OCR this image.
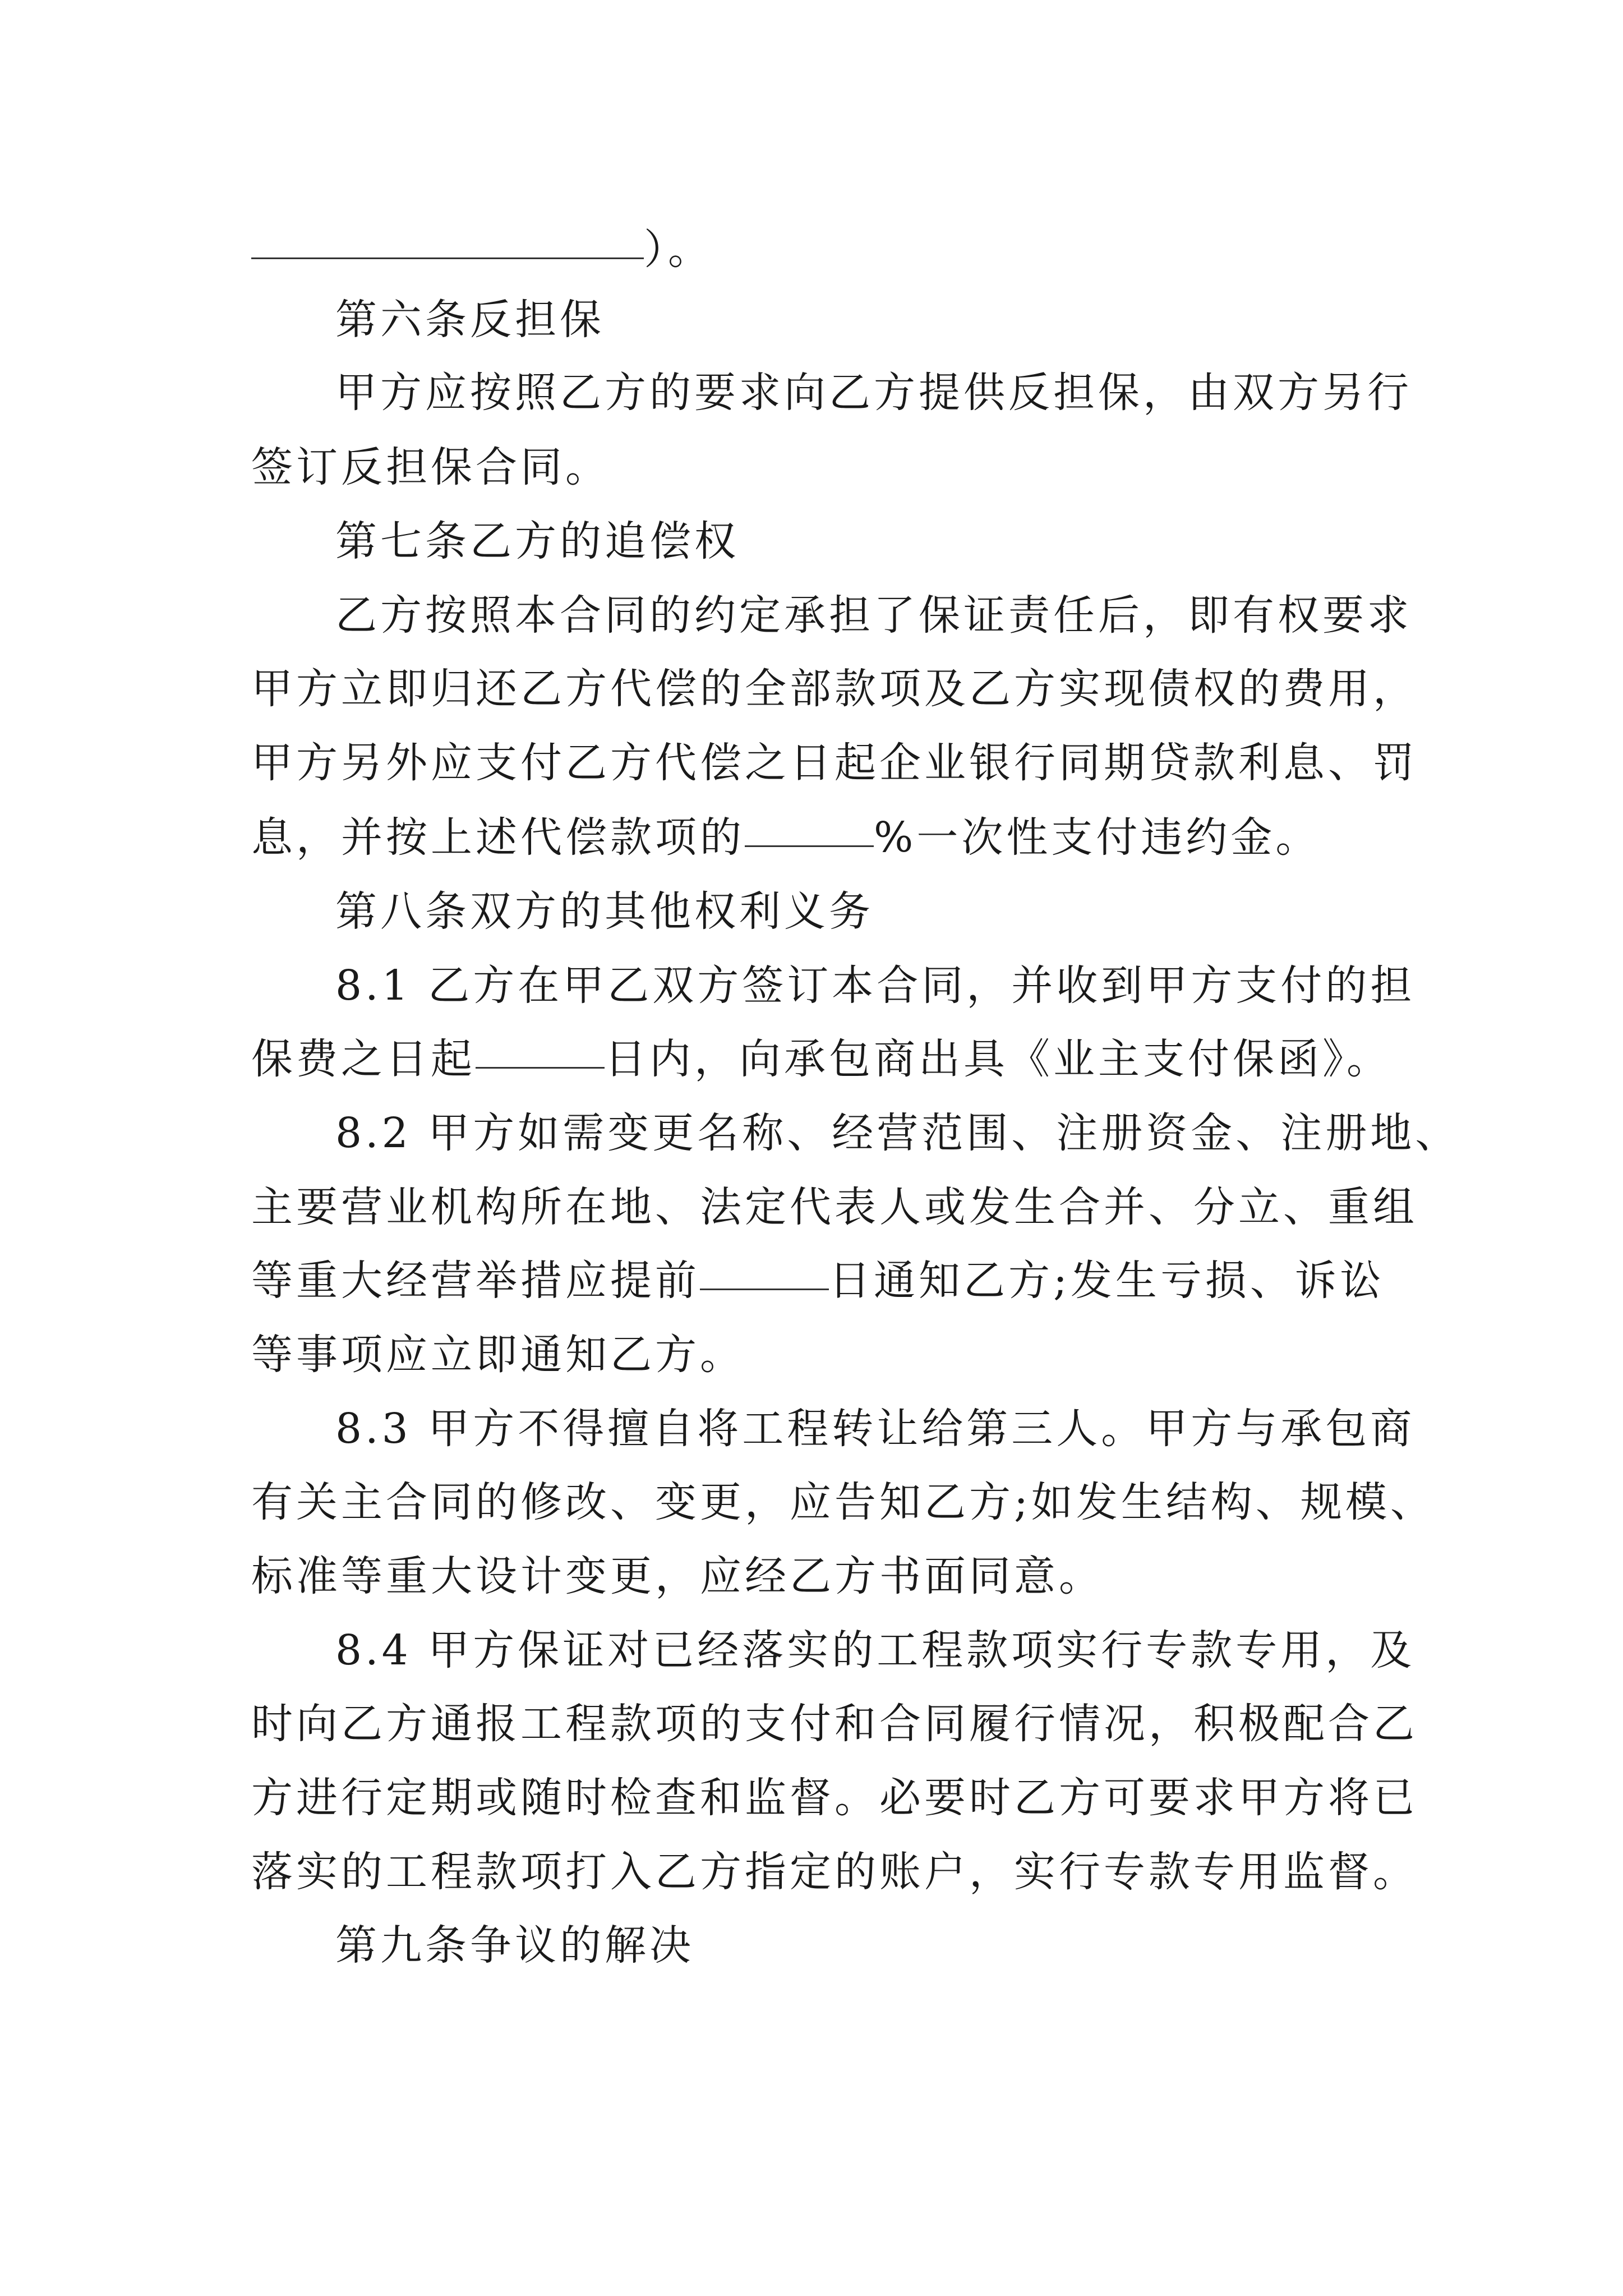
）。
第六条反担保
甲方应按照乙方的要求向乙方提供反担保，由双方另行
签订反担保合同。
第七条乙方的追偿权
乙方按照本合同的约定承担了保证责任后，即有权要求
甲方立即归还乙方代偿的全部款项及乙方实现债权的费用，
甲方另外应支付乙方代偿之日起企业银行同期贷款利息、罚
息，并按上述代偿款项的	%一次性支付违约金。
第八条双方的其他权利义务
8.1 乙方在甲乙双方签订本合同，并收到甲方支付的担
保费之日起	日内，向承包商出具《业主支付保函》。
8.2 甲方如需变更名称、经营范围、注册资金、注册地、
主要营业机构所在地、法定代表人或发生合并、分立、重组
等重大经营举措应提前	日通知乙方;发生亏损、诉讼
等事项应立即通知乙方。
8.3 甲方不得擅自将工程转让给第三人。甲方与承包商
有关主合同的修改、变更，应告知乙方;如发生结构、规模、
标准等重大设计变更，应经乙方书面同意。
8.4 甲方保证对已经落实的工程款项实行专款专用，及
时向乙方通报工程款项的支付和合同履行情况，积极配合乙
方进行定期或随时检查和监督。必要时乙方可要求甲方将已
落实的工程款项打入乙方指定的账户，实行专款专用监督。
第九条争议的解决
